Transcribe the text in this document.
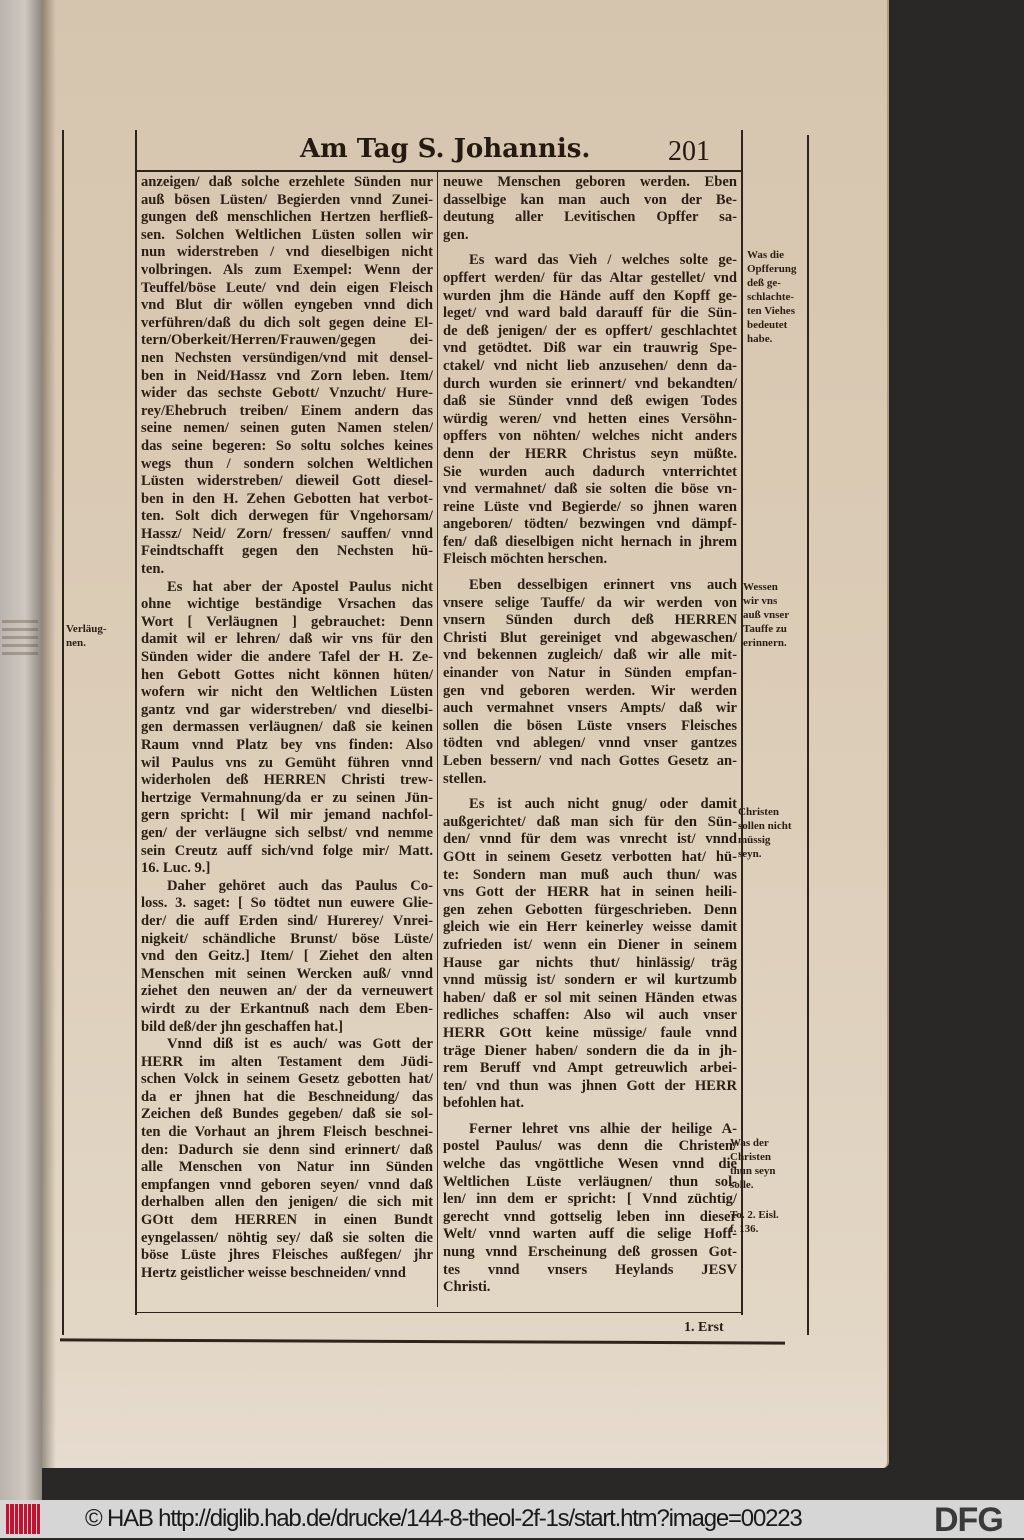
Am Tag S. Johannis.	201
anzeigen/ daß solche erzehlete Sünden nur
auß bösen Lüsten/ Begierden vnnd Zunei-
gungen deß menschlichen Hertzen herfließ-
sen. Solchen Weltlichen Lüsten sollen wir
nun widerstreben / vnd dieselbigen nicht
volbringen. Als zum Exempel: Wenn der
Teuffel/böse Leute/ vnd dein eigen Fleisch
vnd Blut dir wöllen eyngeben vnnd dich
verführen/daß du dich solt gegen deine El-
tern/Oberkeit/Herren/Frauwen/gegen dei-
nen Nechsten versündigen/vnd mit densel-
ben in Neid/Hassz vnd Zorn leben. Item/
wider das sechste Gebott/ Vnzucht/ Hure-
rey/Ehebruch treiben/ Einem andern das
seine nemen/ seinen guten Namen stelen/
das seine begeren: So soltu solches keines
wegs thun / sondern solchen Weltlichen
Lüsten widerstreben/ dieweil Gott diesel-
ben in den H. Zehen Gebotten hat verbot-
ten. Solt dich derwegen für Vngehorsam/
Hassz/ Neid/ Zorn/ fressen/ sauffen/ vnnd
Feindtschafft gegen den Nechsten hü-
ten.
Es hat aber der Apostel Paulus nicht
ohne wichtige beständige Vrsachen das
Wort [ Verläugnen ] gebrauchet: Denn
damit wil er lehren/ daß wir vns für den
Sünden wider die andere Tafel der H. Ze-
hen Gebott Gottes nicht können hüten/
wofern wir nicht den Weltlichen Lüsten
gantz vnd gar widerstreben/ vnd dieselbi-
gen dermassen verläugnen/ daß sie keinen
Raum vnnd Platz bey vns finden: Also
wil Paulus vns zu Gemüht führen vnnd
widerholen deß HERREN Christi trew-
hertzige Vermahnung/da er zu seinen Jün-
gern spricht: [ Wil mir jemand nachfol-
gen/ der verläugne sich selbst/ vnd nemme
sein Creutz auff sich/vnd folge mir/ Matt.
16. Luc. 9.]
Daher gehöret auch das Paulus Co-
loss. 3. saget: [ So tödtet nun euwere Glie-
der/ die auff Erden sind/ Hurerey/ Vnrei-
nigkeit/ schändliche Brunst/ böse Lüste/
vnd den Geitz.] Item/ [ Ziehet den alten
Menschen mit seinen Wercken auß/ vnnd
ziehet den neuwen an/ der da verneuwert
wirdt zu der Erkantnuß nach dem Eben-
bild deß/der jhn geschaffen hat.]
Vnnd diß ist es auch/ was Gott der
HERR im alten Testament dem Jüdi-
schen Volck in seinem Gesetz gebotten hat/
da er jhnen hat die Beschneidung/ das
Zeichen deß Bundes gegeben/ daß sie sol-
ten die Vorhaut an jhrem Fleisch beschnei-
den: Dadurch sie denn sind erinnert/ daß
alle Menschen von Natur inn Sünden
empfangen vnnd geboren seyen/ vnnd daß
derhalben allen den jenigen/ die sich mit
GOtt dem HERREN in einen Bundt
eyngelassen/ nöhtig sey/ daß sie solten die
böse Lüste jhres Fleisches außfegen/ jhr
Hertz geistlicher weisse beschneiden/ vnnd
neuwe Menschen geboren werden. Eben
dasselbige kan man auch von der Be-
deutung aller Levitischen Opffer sa-
gen.
Es ward das Vieh / welches solte ge-
opffert werden/ für das Altar gestellet/ vnd
wurden jhm die Hände auff den Kopff ge-
leget/ vnd ward bald darauff für die Sün-
de deß jenigen/ der es opffert/ geschlachtet
vnd getödtet. Diß war ein trauwrig Spe-
ctakel/ vnd nicht lieb anzusehen/ denn da-
durch wurden sie erinnert/ vnd bekandten/
daß sie Sünder vnnd deß ewigen Todes
würdig weren/ vnd hetten eines Versöhn-
opffers von nöhten/ welches nicht anders
denn der HERR Christus seyn müßte.
Sie wurden auch dadurch vnterrichtet
vnd vermahnet/ daß sie solten die böse vn-
reine Lüste vnd Begierde/ so jhnen waren
angeboren/ tödten/ bezwingen vnd dämpf-
fen/ daß dieselbigen nicht hernach in jhrem
Fleisch möchten herschen.
Eben desselbigen erinnert vns auch
vnsere selige Tauffe/ da wir werden von
vnsern Sünden durch deß HERREN
Christi Blut gereiniget vnd abgewaschen/
vnd bekennen zugleich/ daß wir alle mit-
einander von Natur in Sünden empfan-
gen vnd geboren werden. Wir werden
auch vermahnet vnsers Ampts/ daß wir
sollen die bösen Lüste vnsers Fleisches
tödten vnd ablegen/ vnnd vnser gantzes
Leben bessern/ vnd nach Gottes Gesetz an-
stellen.
Es ist auch nicht gnug/ oder damit
außgerichtet/ daß man sich für den Sün-
den/ vnnd für dem was vnrecht ist/ vnnd
GOtt in seinem Gesetz verbotten hat/ hü-
te: Sondern man muß auch thun/ was
vns Gott der HERR hat in seinen heili-
gen zehen Gebotten fürgeschrieben. Denn
gleich wie ein Herr keinerley weisse damit
zufrieden ist/ wenn ein Diener in seinem
Hause gar nichts thut/ hinlässig/ träg
vnnd müssig ist/ sondern er wil kurtzumb
haben/ daß er sol mit seinen Händen etwas
redliches schaffen: Also wil auch vnser
HERR GOtt keine müssige/ faule vnnd
träge Diener haben/ sondern die da in jh-
rem Beruff vnd Ampt getreuwlich arbei-
ten/ vnd thun was jhnen Gott der HERR
befohlen hat.
Ferner lehret vns alhie der heilige A-
postel Paulus/ was denn die Christen/
welche das vngöttliche Wesen vnnd die
Weltlichen Lüste verläugnen/ thun sol-
len/ inn dem er spricht: [ Vnnd züchtig/
gerecht vnnd gottselig leben inn dieser
Welt/ vnnd warten auff die selige Hoff-
nung vnnd Erscheinung deß grossen Got-
tes vnnd vnsers Heylands JESV
Christi.
Verläug-
nen.
Was die
Opfferung
deß ge-
schlachte-
ten Viehes
bedeutet
habe.
Wessen
wir vns
auß vnser
Tauffe zu
erinnern.
Christen
sollen nicht
müssig
seyn.
Was der
Christen
thun seyn
solle.
To. 2. Eisl.
f. 136.
1. Erst
© HAB http://diglib.hab.de/drucke/144-8-theol-2f-1s/start.htm?image=00223	DFG
